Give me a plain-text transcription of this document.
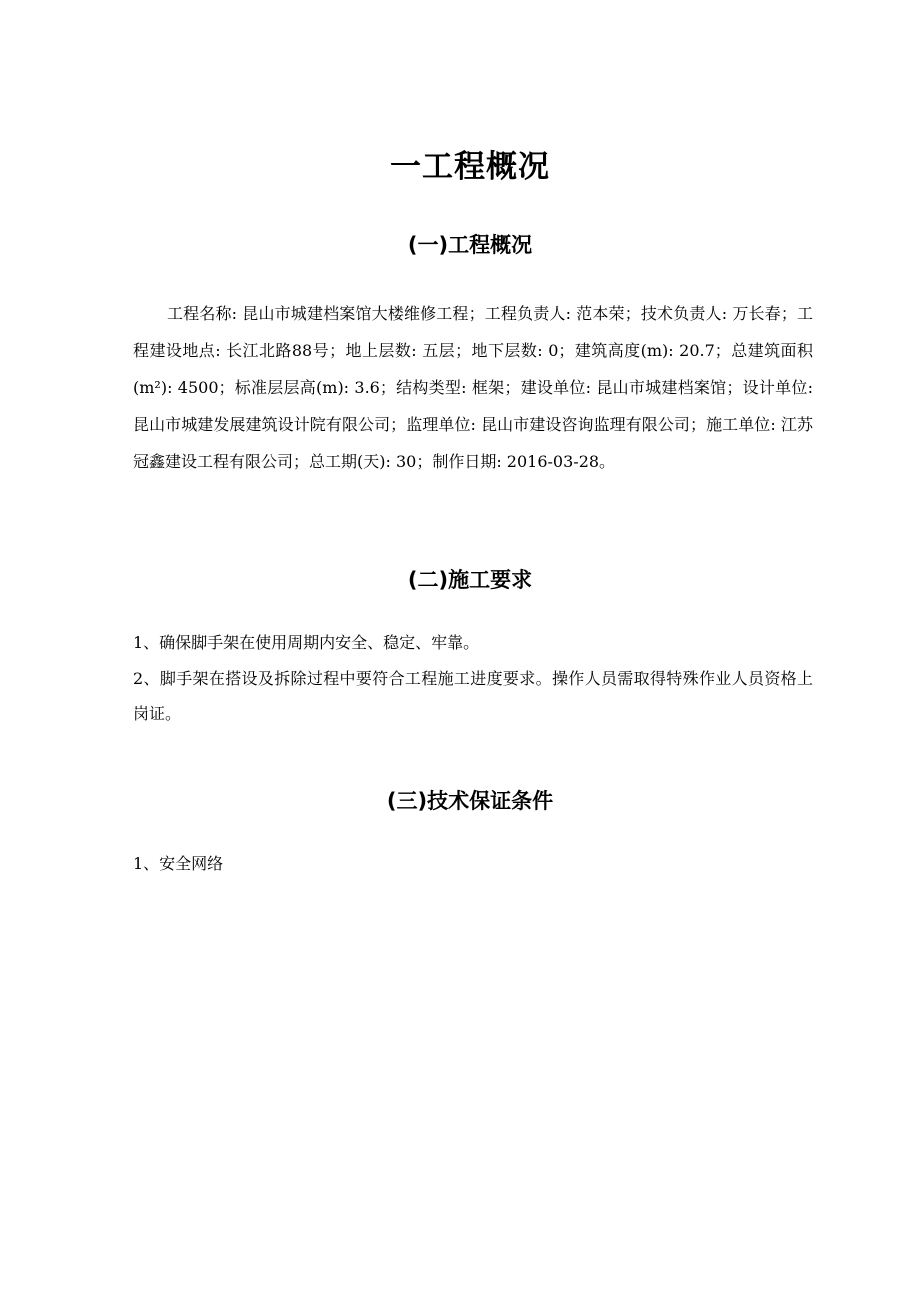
一工程概况
(一)工程概况

工程名称: 昆山市城建档案馆大楼维修工程；工程负责人: 范本荣；技术负责人: 万长春；工程建设地点: 长江北路88号；地上层数: 五层；地下层数: 0；建筑高度(m): 20.7；总建筑面积(m²): 4500；标准层层高(m): 3.6；结构类型: 框架；建设单位: 昆山市城建档案馆；设计单位: 昆山市城建发展建筑设计院有限公司；监理单位: 昆山市建设咨询监理有限公司；施工单位: 江苏冠鑫建设工程有限公司；总工期(天): 30；制作日期: 2016-03-28。

(二)施工要求

1、确保脚手架在使用周期内安全、稳定、牢靠。

2、脚手架在搭设及拆除过程中要符合工程施工进度要求。操作人员需取得特殊作业人员资格上岗证。

(三)技术保证条件

1、安全网络
